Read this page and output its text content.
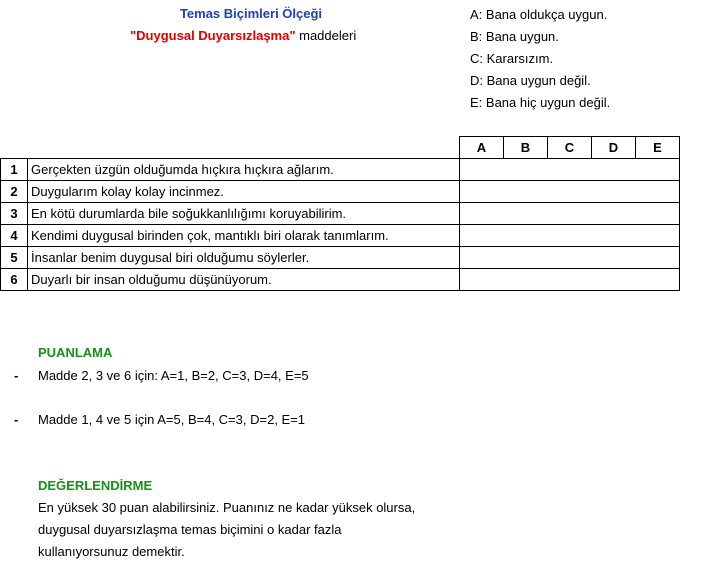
Temas Biçimleri Ölçeği
"Duygusal Duyarsızlaşma" maddeleri
A: Bana oldukça uygun.
B: Bana uygun.
C: Kararsızım.
D: Bana uygun değil.
E: Bana hiç uygun değil.
		A	B	C	D	E
1	Gerçekten üzgün olduğumda hıçkıra hıçkıra ağlarım.					
2	Duygularım kolay kolay incinmez.					
3	En kötü durumlarda bile soğukkanlılığımı koruyabilirim.					
4	Kendimi duygusal birinden çok, mantıklı biri olarak tanımlarım.					
5	İnsanlar benim duygusal biri olduğumu söylerler.					
6	Duyarlı bir insan olduğumu düşünüyorum.					
PUANLAMA
- Madde 2, 3 ve 6 için: A=1, B=2, C=3, D=4, E=5
- Madde 1, 4 ve 5 için A=5, B=4, C=3, D=2, E=1
DEĞERLENDİRME
En yüksek 30 puan alabilirsiniz. Puanınız ne kadar yüksek olursa,
duygusal duyarsızlaşma temas biçimini o kadar fazla
kullanıyorsunuz demektir.
